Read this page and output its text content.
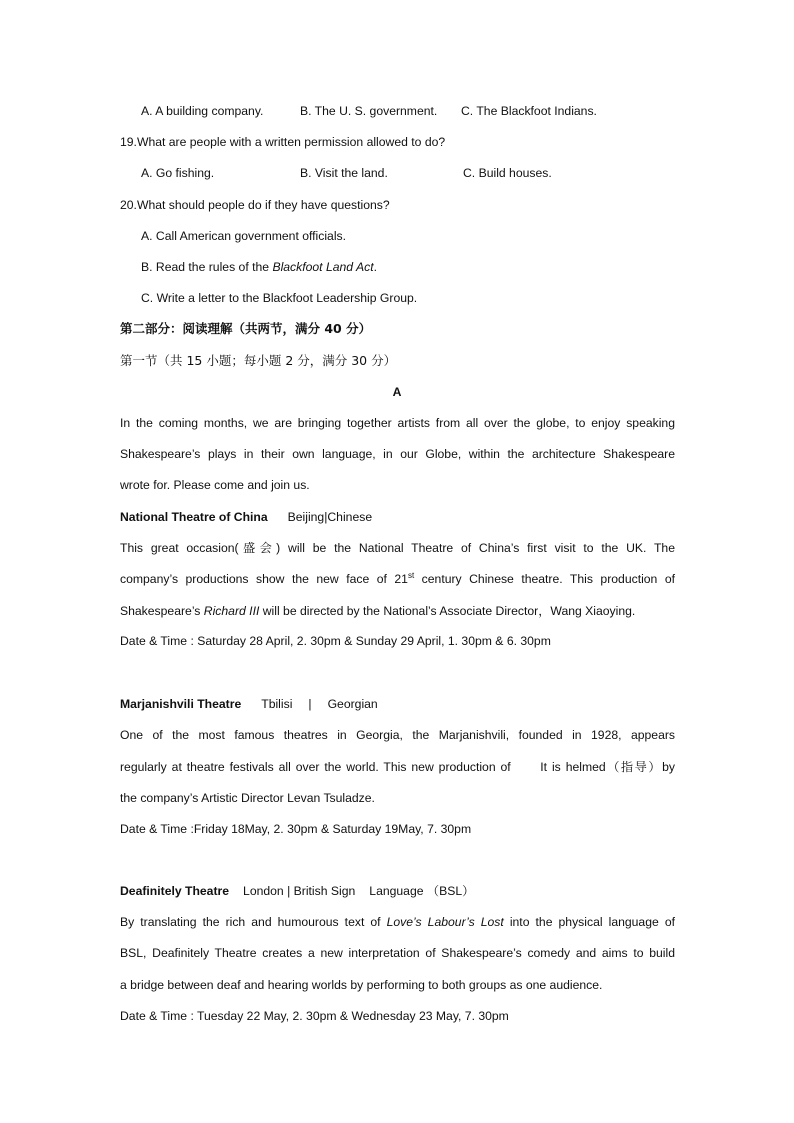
A. A building company.	B. The U. S. government. C. The Blackfoot Indians.
19.What are people with a written permission allowed to do?
A. Go fishing.	B. Visit the land.	C. Build houses.
20.What should people do if they have questions?
A. Call American government officials.
B. Read the rules of the Blackfoot Land Act.
C. Write a letter to the Blackfoot Leadership Group.
第二部分：阅读理解（共两节，满分 40 分）
第一节（共 15 小题；每小题 2 分，满分 30 分）
A
In the coming months, we are bringing together artists from all over the globe, to enjoy speaking
Shakespeare’s plays in their own language, in our Globe, within the architecture Shakespeare
wrote for. Please come and join us.
National Theatre of China Beijing|Chinese
This great occasion(盛会) will be the National Theatre of China’s first visit to the UK. The
company’s productions show the new face of 21st century Chinese theatre. This production of
Shakespeare’s Richard III will be directed by the National’s Associate Director，Wang Xiaoying.
Date & Time : Saturday 28 April, 2. 30pm & Sunday 29 April, 1. 30pm & 6. 30pm
Marjanishvili Theatre Tbilisi | Georgian
One of the most famous theatres in Georgia, the Marjanishvili, founded in 1928, appears
regularly at theatre festivals all over the world. This new production of      It is helmed（指导）by
the company’s Artistic Director Levan Tsuladze.
Date & Time :Friday 18May, 2. 30pm & Saturday 19May, 7. 30pm
Deafinitely Theatre London | British Sign Language （BSL）
By translating the rich and humourous text of Love’s Labour’s Lost into the physical language of
BSL, Deafinitely Theatre creates a new interpretation of Shakespeare’s comedy and aims to build
a bridge between deaf and hearing worlds by performing to both groups as one audience.
Date & Time : Tuesday 22 May, 2. 30pm & Wednesday 23 May, 7. 30pm
